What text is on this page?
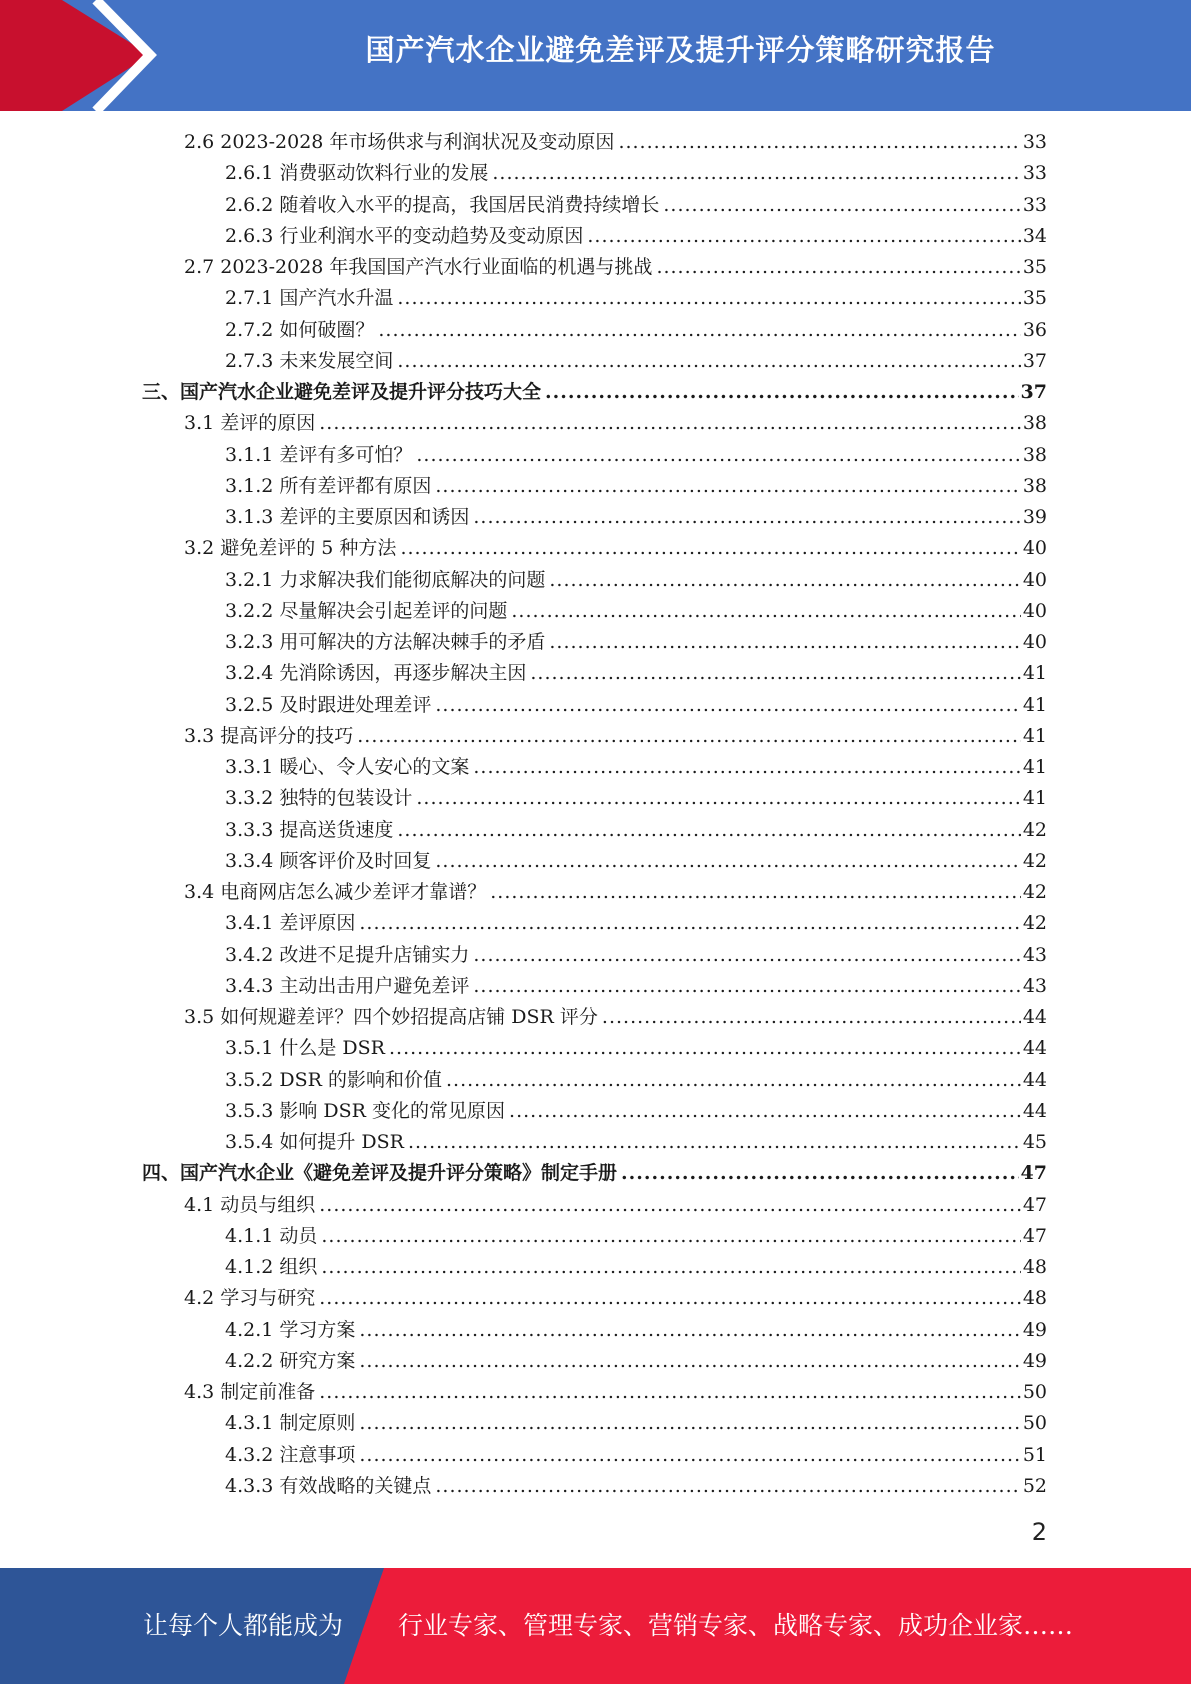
国产汽水企业避免差评及提升评分策略研究报告
2.6 2023-2028 年市场供求与利润状况及变动原因 .....	33
2.6.1 消费驱动饮料行业的发展 .....	33
2.6.2 随着收入水平的提高，我国居民消费持续增长 .....	33
2.6.3 行业利润水平的变动趋势及变动原因 .....	34
2.7 2023-2028 年我国国产汽水行业面临的机遇与挑战 .....	35
2.7.1 国产汽水升温 .....	35
2.7.2 如何破圈？ .....	36
2.7.3 未来发展空间 .....	37
三、国产汽水企业避免差评及提升评分技巧大全 .....	37
3.1 差评的原因 .....	38
3.1.1 差评有多可怕？ .....	38
3.1.2 所有差评都有原因 .....	38
3.1.3 差评的主要原因和诱因 .....	39
3.2 避免差评的 5 种方法 .....	40
3.2.1 力求解决我们能彻底解决的问题 .....	40
3.2.2 尽量解决会引起差评的问题 .....	40
3.2.3 用可解决的方法解决棘手的矛盾 .....	40
3.2.4 先消除诱因，再逐步解决主因 .....	41
3.2.5 及时跟进处理差评 .....	41
3.3 提高评分的技巧 .....	41
3.3.1 暖心、令人安心的文案 .....	41
3.3.2 独特的包装设计 .....	41
3.3.3 提高送货速度 .....	42
3.3.4 顾客评价及时回复 .....	42
3.4 电商网店怎么减少差评才靠谱？ .....	42
3.4.1 差评原因 .....	42
3.4.2 改进不足提升店铺实力 .....	43
3.4.3 主动出击用户避免差评 .....	43
3.5 如何规避差评？四个妙招提高店铺 DSR 评分 .....	44
3.5.1 什么是 DSR .....	44
3.5.2 DSR 的影响和价值 .....	44
3.5.3 影响 DSR 变化的常见原因 .....	44
3.5.4 如何提升 DSR .....	45
四、国产汽水企业《避免差评及提升评分策略》制定手册 .....	47
4.1 动员与组织 .....	47
4.1.1 动员 .....	47
4.1.2 组织 .....	48
4.2 学习与研究 .....	48
4.2.1 学习方案 .....	49
4.2.2 研究方案 .....	49
4.3 制定前准备 .....	50
4.3.1 制定原则 .....	50
4.3.2 注意事项 .....	51
4.3.3 有效战略的关键点 .....	52
2
让每个人都能成为 行业专家、管理专家、营销专家、战略专家、成功企业家……
